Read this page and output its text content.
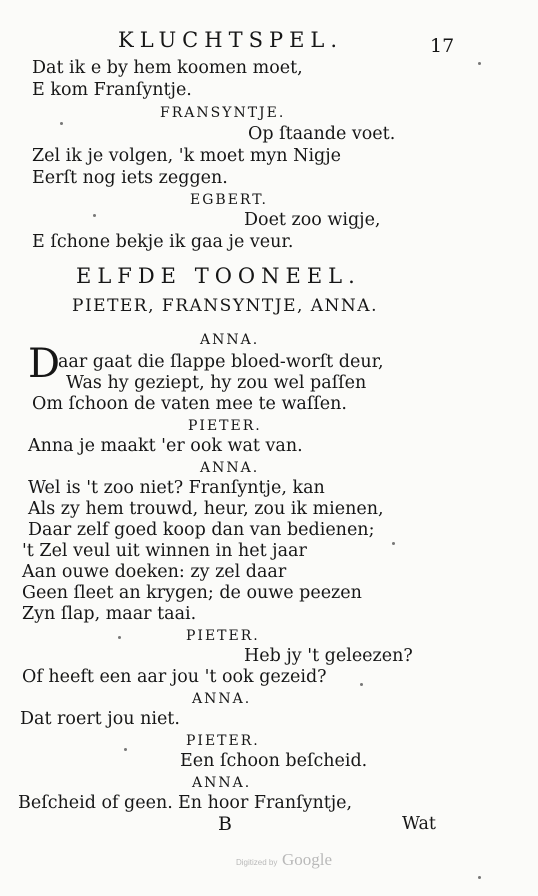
KLUCHTSPEL.	17
Dat ik e by hem koomen moet,
E kom Franſyntje.
FRANSYNTJE.
Op ſtaande voet.
Zel ik je volgen, 'k moet myn Nigje
Eerſt nog iets zeggen.
EGBERT.
Doet zoo wigje,
E ſchone bekje ik gaa je veur.
ELFDE TOONEEL.
PIETER, FRANSYNTJE, ANNA.
ANNA.
D
aar gaat die ſlappe bloed-worſt deur,
Was hy geziept, hy zou wel paſſen
Om ſchoon de vaten mee te waſſen.
PIETER.
Anna je maakt 'er ook wat van.
ANNA.
Wel is 't zoo niet? Franſyntje, kan
Als zy hem trouwd, heur, zou ik mienen,
Daar zelf goed koop dan van bedienen;
't Zel veul uit winnen in het jaar
Aan ouwe doeken: zy zel daar
Geen ſleet an krygen; de ouwe peezen
Zyn ſlap, maar taai.
PIETER.
Heb jy 't geleezen?
Of heeft een aar jou 't ook gezeid?
ANNA.
Dat roert jou niet.
PIETER.
Een ſchoon beſcheid.
ANNA.
Beſcheid of geen. En hoor Franſyntje,
B	Wat
Digitized by Google
